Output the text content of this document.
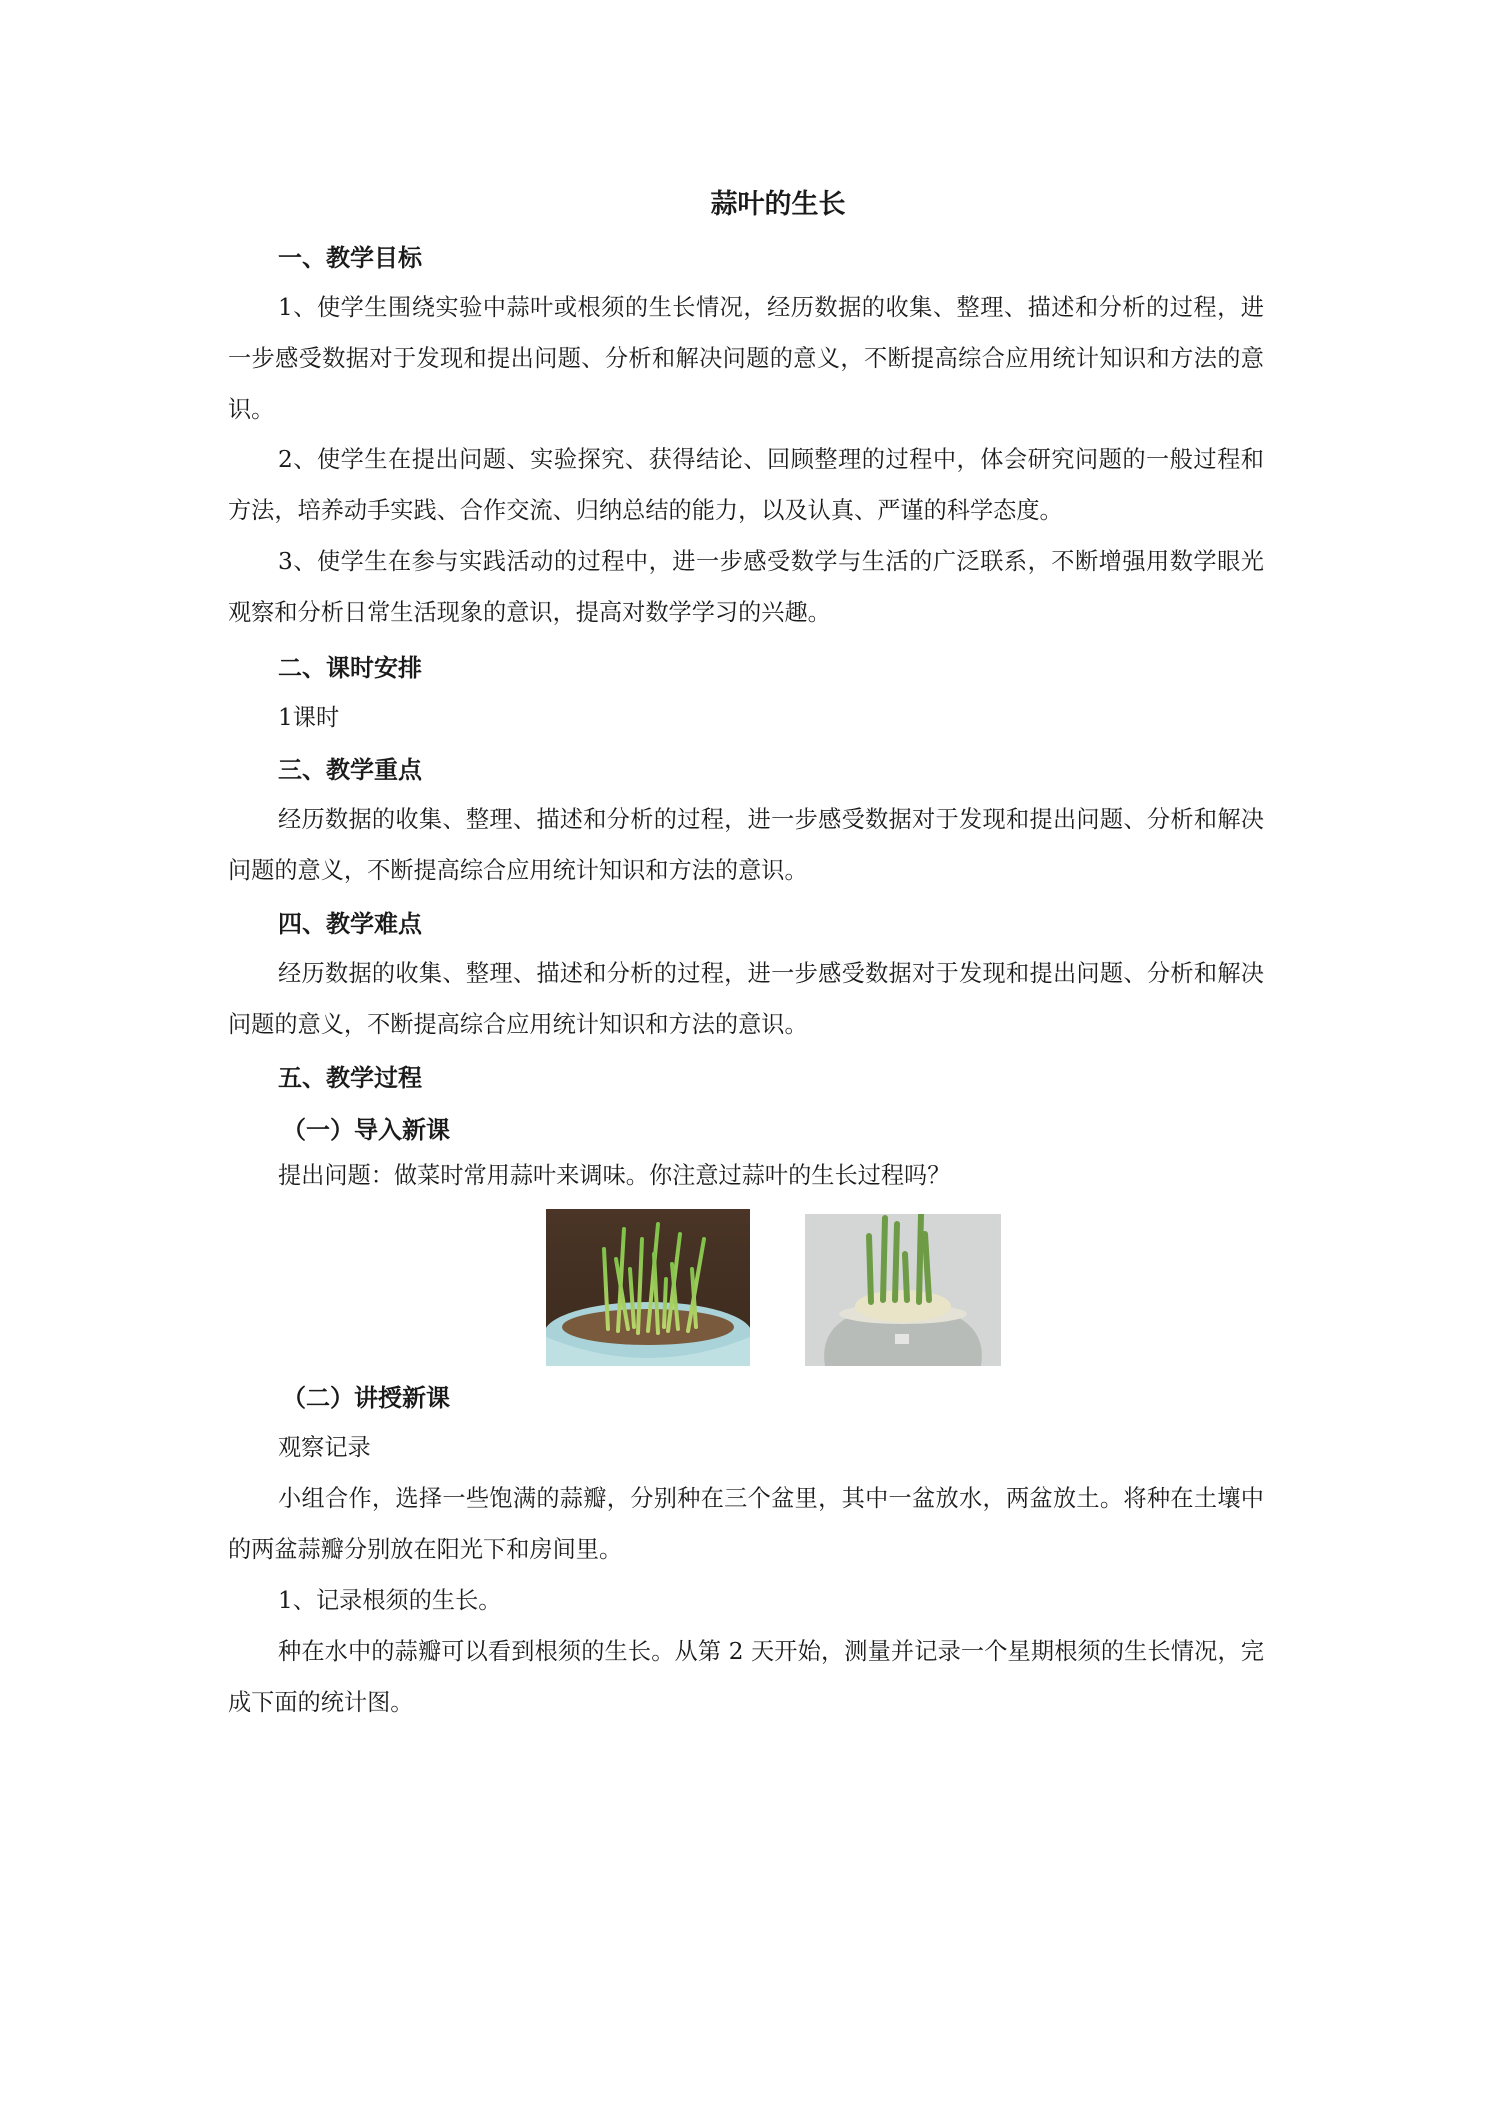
蒜叶的生长
一、教学目标
1、使学生围绕实验中蒜叶或根须的生长情况，经历数据的收集、整理、描述和分析的过程，进一步感受数据对于发现和提出问题、分析和解决问题的意义，不断提高综合应用统计知识和方法的意识。
2、使学生在提出问题、实验探究、获得结论、回顾整理的过程中，体会研究问题的一般过程和方法，培养动手实践、合作交流、归纳总结的能力，以及认真、严谨的科学态度。
3、使学生在参与实践活动的过程中，进一步感受数学与生活的广泛联系，不断增强用数学眼光观察和分析日常生活现象的意识，提高对数学学习的兴趣。
二、课时安排
1课时
三、教学重点
经历数据的收集、整理、描述和分析的过程，进一步感受数据对于发现和提出问题、分析和解决问题的意义，不断提高综合应用统计知识和方法的意识。
四、教学难点
经历数据的收集、整理、描述和分析的过程，进一步感受数据对于发现和提出问题、分析和解决问题的意义，不断提高综合应用统计知识和方法的意识。
五、教学过程
（一）导入新课
提出问题：做菜时常用蒜叶来调味。你注意过蒜叶的生长过程吗？
（二）讲授新课
观察记录
小组合作，选择一些饱满的蒜瓣，分别种在三个盆里，其中一盆放水，两盆放土。将种在土壤中的两盆蒜瓣分别放在阳光下和房间里。
1、记录根须的生长。
种在水中的蒜瓣可以看到根须的生长。从第 2 天开始，测量并记录一个星期根须的生长情况，完成下面的统计图。
